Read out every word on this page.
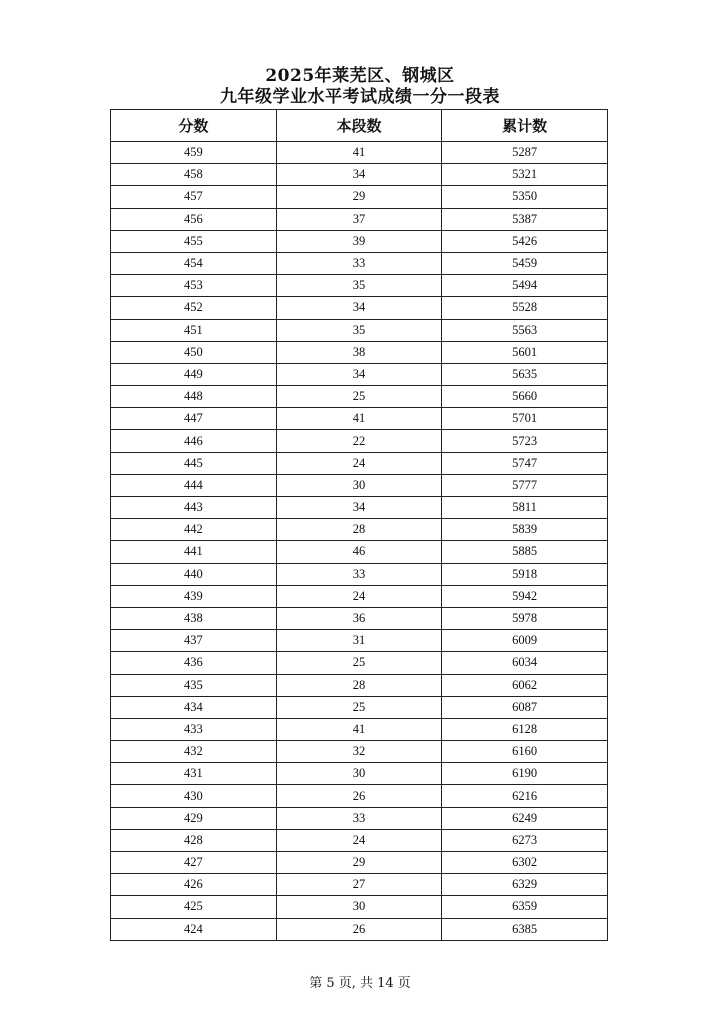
2025年莱芜区、钢城区
九年级学业水平考试成绩一分一段表
分数	本段数	累计数
459	41	5287
458	34	5321
457	29	5350
456	37	5387
455	39	5426
454	33	5459
453	35	5494
452	34	5528
451	35	5563
450	38	5601
449	34	5635
448	25	5660
447	41	5701
446	22	5723
445	24	5747
444	30	5777
443	34	5811
442	28	5839
441	46	5885
440	33	5918
439	24	5942
438	36	5978
437	31	6009
436	25	6034
435	28	6062
434	25	6087
433	41	6128
432	32	6160
431	30	6190
430	26	6216
429	33	6249
428	24	6273
427	29	6302
426	27	6329
425	30	6359
424	26	6385
第 5 页, 共 14 页
